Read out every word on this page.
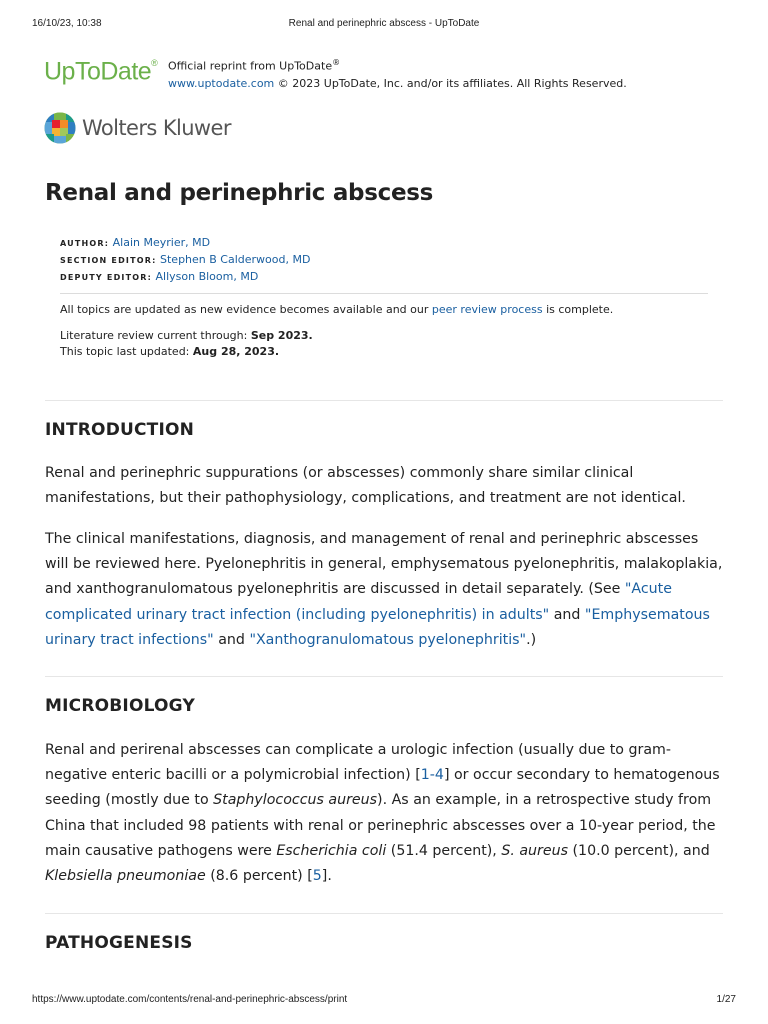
16/10/23, 10:38	Renal and perinephric abscess - UpToDate
UpToDate® Official reprint from UpToDate®
www.uptodate.com © 2023 UpToDate, Inc. and/or its affiliates. All Rights Reserved.
Wolters Kluwer
Renal and perinephric abscess
AUTHOR: Alain Meyrier, MD
SECTION EDITOR: Stephen B Calderwood, MD
DEPUTY EDITOR: Allyson Bloom, MD
All topics are updated as new evidence becomes available and our peer review process is complete.
Literature review current through: Sep 2023.
This topic last updated: Aug 28, 2023.
INTRODUCTION

Renal and perinephric suppurations (or abscesses) commonly share similar clinical manifestations, but their pathophysiology, complications, and treatment are not identical.

The clinical manifestations, diagnosis, and management of renal and perinephric abscesses will be reviewed here. Pyelonephritis in general, emphysematous pyelonephritis, malakoplakia, and xanthogranulomatous pyelonephritis are discussed in detail separately. (See "Acute complicated urinary tract infection (including pyelonephritis) in adults" and "Emphysematous urinary tract infections" and "Xanthogranulomatous pyelonephritis".)

MICROBIOLOGY

Renal and perirenal abscesses can complicate a urologic infection (usually due to gram-negative enteric bacilli or a polymicrobial infection) [1-4] or occur secondary to hematogenous seeding (mostly due to Staphylococcus aureus). As an example, in a retrospective study from China that included 98 patients with renal or perinephric abscesses over a 10-year period, the main causative pathogens were Escherichia coli (51.4 percent), S. aureus (10.0 percent), and Klebsiella pneumoniae (8.6 percent) [5].

PATHOGENESIS
https://www.uptodate.com/contents/renal-and-perinephric-abscess/print	1/27
